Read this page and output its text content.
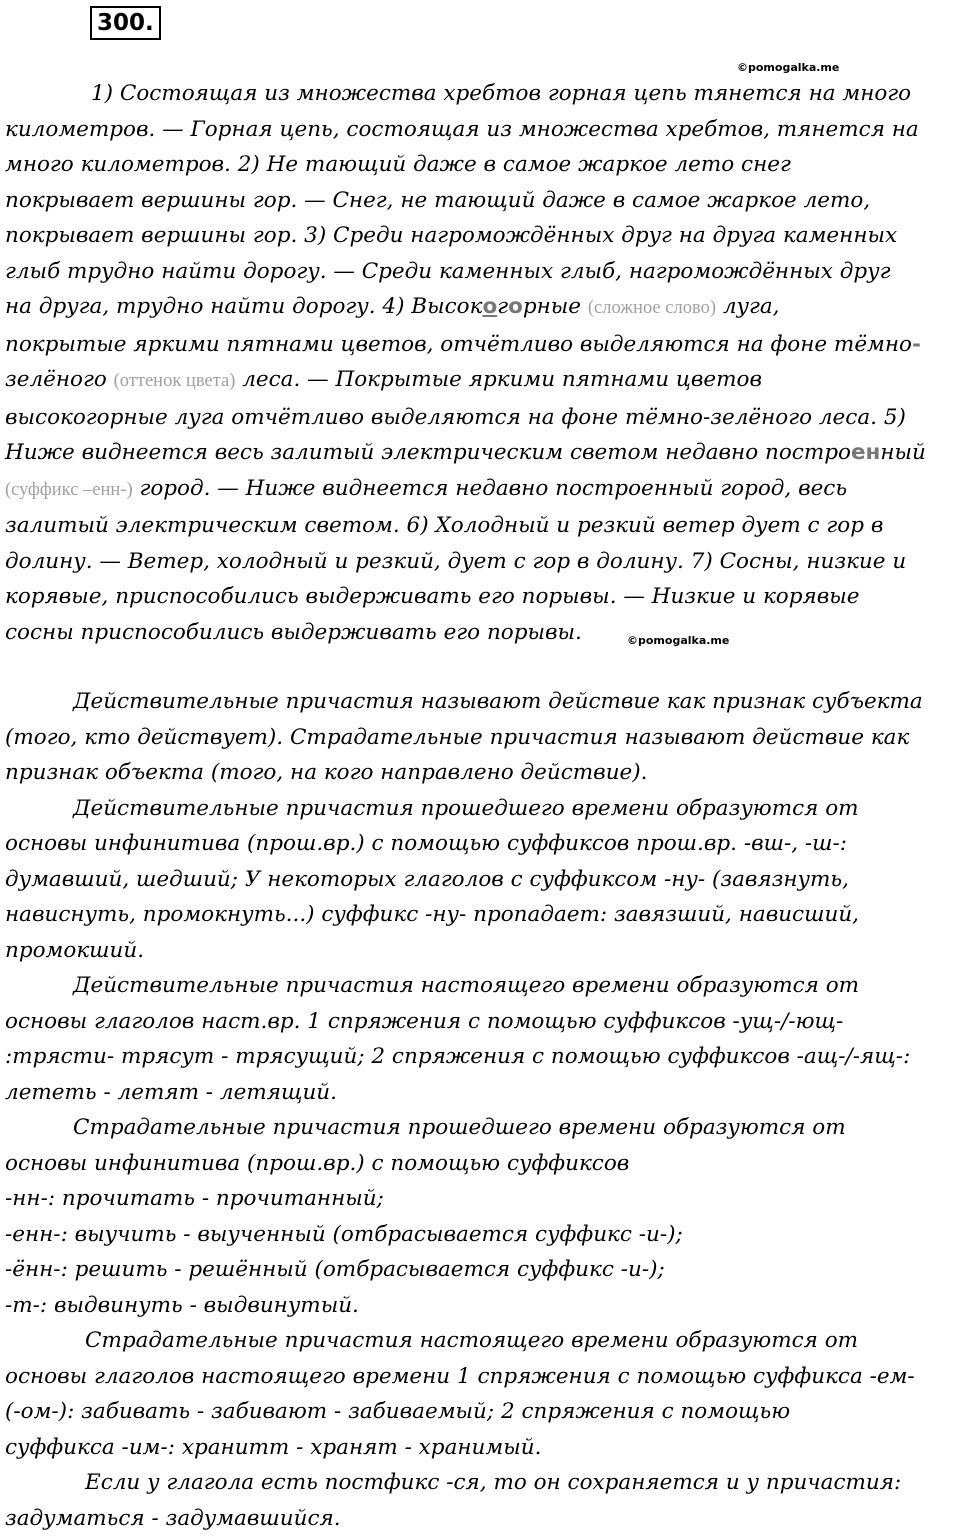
300.
©pomogalka.me
1) Состоящая из множества хребтов горная цепь тянется на много
километров. — Горная цепь, состоящая из множества хребтов, тянется на
много километров. 2) Не тающий даже в самое жаркое лето снег
покрывает вершины гор. — Снег, не тающий даже в самое жаркое лето,
покрывает вершины гор. 3) Среди нагромождённых друг на друга каменных
глыб трудно найти дорогу. — Среди каменных глыб, нагромождённых друг
на друга, трудно найти дорогу. 4) Высокогорные (сложное слово) луга,
покрытые яркими пятнами цветов, отчётливо выделяются на фоне тёмно-
зелёного (оттенок цвета) леса. — Покрытые яркими пятнами цветов
высокогорные луга отчётливо выделяются на фоне тёмно-зелёного леса. 5)
Ниже виднеется весь залитый электрическим светом недавно построенный
(суффикс –енн-) город. — Ниже виднеется недавно построенный город, весь
залитый электрическим светом. 6) Холодный и резкий ветер дует с гор в
долину. — Ветер, холодный и резкий, дует с гор в долину. 7) Сосны, низкие и
корявые, приспособились выдерживать его порывы. — Низкие и корявые
сосны приспособились выдерживать его порывы.	©pomogalka.me
Действительные причастия называют действие как признак субъекта
(того, кто действует). Страдательные причастия называют действие как
признак объекта (того, на кого направлено действие).
Действительные причастия прошедшего времени образуются от
основы инфинитива (прош.вр.) с помощью суффиксов прош.вр. -вш-, -ш-:
думавший, шедший; У некоторых глаголов с суффиксом -ну- (завязнуть,
нависнуть, промокнуть...) суффикс -ну- пропадает: завязший, нависший,
промокший.
Действительные причастия настоящего времени образуются от
основы глаголов наст.вр. 1 спряжения с помощью суффиксов -ущ-/-ющ-
:трясти- трясут - трясущий; 2 спряжения с помощью суффиксов -ащ-/-ящ-:
лететь - летят - летящий.
Страдательные причастия прошедшего времени образуются от
основы инфинитива (прош.вр.) с помощью суффиксов
-нн-: прочитать - прочитанный;
-енн-: выучить - выученный (отбрасывается суффикс -и-);
-ённ-: решить - решённый (отбрасывается суффикс -и-);
-т-: выдвинуть - выдвинутый.
Страдательные причастия настоящего времени образуются от
основы глаголов настоящего времени 1 спряжения с помощью суффикса -ем-
(-ом-): забивать - забивают - забиваемый; 2 спряжения с помощью
суффикса -им-: хранитт - хранят - хранимый.
Если у глагола есть постфикс -ся, то он сохраняется и у причастия:
задуматься - задумавшийся.
